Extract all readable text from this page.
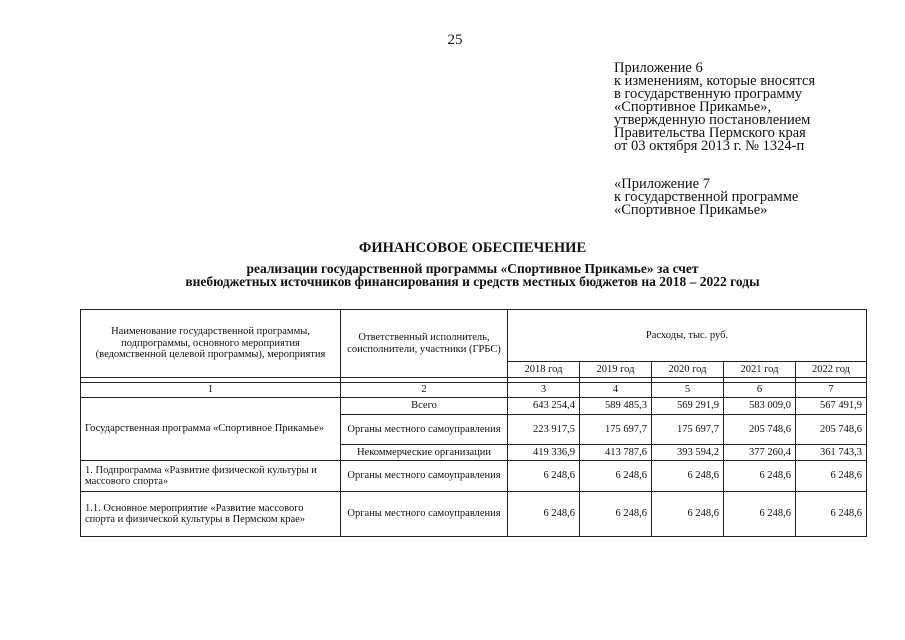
25
Приложение 6
к изменениям, которые вносятся
в государственную программу
«Спортивное Прикамье»,
утвержденную постановлением
Правительства Пермского края
от 03 октября 2013 г. № 1324-п
«Приложение 7
к государственной программе
«Спортивное Прикамье»
ФИНАНСОВОЕ ОБЕСПЕЧЕНИЕ
реализации государственной программы «Спортивное Прикамье» за счет
внебюджетных источников финансирования и средств местных бюджетов на 2018 – 2022 годы
Наименование государственной программы, подпрограммы, основного мероприятия (ведомственной целевой программы), мероприятия	Ответственный исполнитель, соисполнители, участники (ГРБС)	Расходы, тыс. руб.				
		2018 год	2019 год	2020 год	2021 год	2022 год

1	2	3	4	5	6	7
Государственная программа «Спортивное Прикамье»	Всего	643 254,4	589 485,3	569 291,9	583 009,0	567 491,9
	Органы местного самоуправления	223 917,5	175 697,7	175 697,7	205 748,6	205 748,6
	Некоммерческие организации	419 336,9	413 787,6	393 594,2	377 260,4	361 743,3
1. Подпрограмма «Развитие физической культуры и массового спорта»	Органы местного самоуправления	6 248,6	6 248,6	6 248,6	6 248,6	6 248,6
1.1. Основное мероприятие «Развитие массового спорта и физической культуры в Пермском крае»	Органы местного самоуправления	6 248,6	6 248,6	6 248,6	6 248,6	6 248,6
